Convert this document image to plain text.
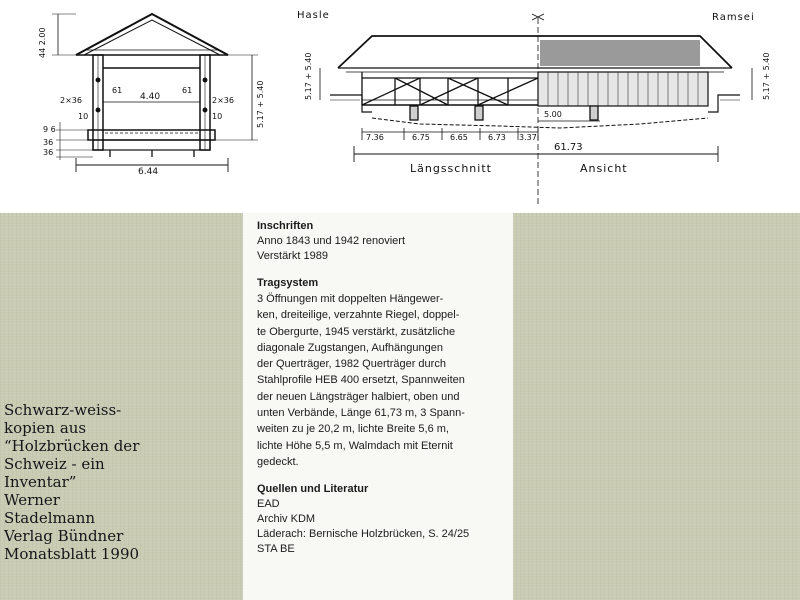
44 2.00
5.17 + 5.40
4.40
6.44
2×36	2×36
61	61
10	10
9 6
36
36
Hasle	Ramsei
5.17 + 5.40	5.17 + 5.40
7.36	6.75	6.65	6.73 3.37
5.00
61.73
Längsschnitt	Ansicht

Inschriften

Anno 1843 und 1942 renoviert

Verstärkt 1989

Tragsystem

3 Öffnungen mit doppelten Hängewer-

ken, dreiteilige, verzahnte Riegel, doppel-

te Obergurte, 1945 verstärkt, zusätzliche

diagonale Zugstangen, Aufhängungen

der Querträger, 1982 Querträger durch

Stahlprofile HEB 400 ersetzt, Spannweiten

der neuen Längsträger halbiert, oben und

unten Verbände, Länge 61,73 m, 3 Spann-

weiten zu je 20,2 m, lichte Breite 5,6 m,

lichte Höhe 5,5 m, Walmdach mit Eternit

gedeckt.

Quellen und Literatur

EAD

Archiv KDM

Läderach: Bernische Holzbrücken, S. 24/25

STA BE

Schwarz-weiss-
kopien aus
“Holzbrücken der
Schweiz - ein
Inventar”
Werner
Stadelmann
Verlag Bündner
Monatsblatt 1990
